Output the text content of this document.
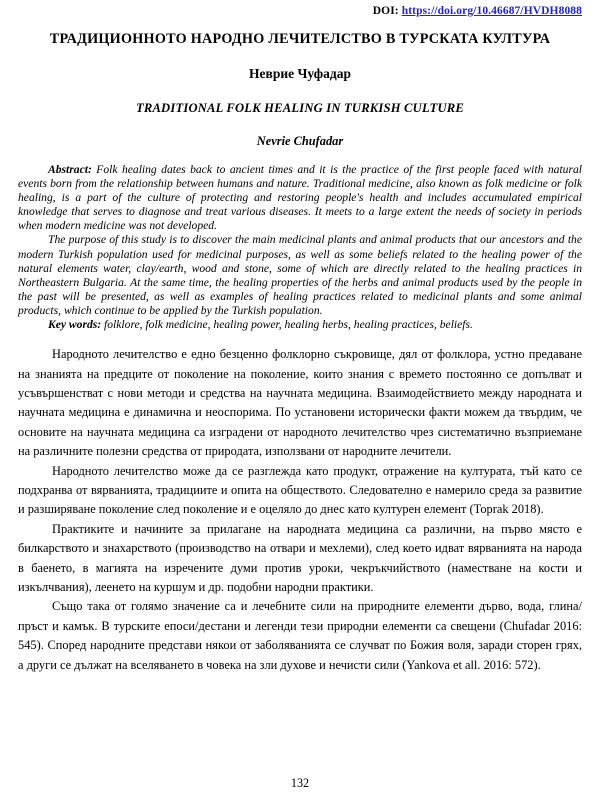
DOI: https://doi.org/10.46687/HVDH8088
ТРАДИЦИОННОТО НАРОДНО ЛЕЧИТЕЛСТВО В ТУРСКАТА КУЛТУРА
Неврие Чуфадар
TRADITIONAL FOLK HEALING IN TURKISH CULTURE
Nevrie Chufadar

Abstract: Folk healing dates back to ancient times and it is the practice of the first people faced with natural events born from the relationship between humans and nature. Traditional medicine, also known as folk medicine or folk healing, is a part of the culture of protecting and restoring people's health and includes accumulated empirical knowledge that serves to diagnose and treat various diseases. It meets to a large extent the needs of society in periods when modern medicine was not developed.

The purpose of this study is to discover the main medicinal plants and animal products that our ancestors and the modern Turkish population used for medicinal purposes, as well as some beliefs related to the healing power of the natural elements water, clay/earth, wood and stone, some of which are directly related to the healing practices in Northeastern Bulgaria. At the same time, the healing properties of the herbs and animal products used by the people in the past will be presented, as well as examples of healing practices related to medicinal plants and some animal products, which continue to be applied by the Turkish population.

Key words: folklore, folk medicine, healing power, healing herbs, healing practices, beliefs.

Народното лечителство е едно безценно фолклорно съкровище, дял от фолклора, устно предаване на знанията на предците от поколение на поколение, които знания с времето постоянно се допълват и усъвършенстват с нови методи и средства на научната медицина. Взаимодействието между народната и научната медицина е динамична и неоспорима. По установени исторически факти можем да твърдим, че основите на научната медицина са изградени от народното лечителство чрез систематично възприемане на различните полезни средства от природата, използвани от народните лечители.

Народното лечителство може да се разглежда като продукт, отражение на културата, тъй като се подхранва от вярванията, традициите и опита на обществото. Следователно е намерило среда за развитие и разширяване поколение след поколение и е оцеляло до днес като културен елемент (Toprak 2018).

Практиките и начините за прилагане на народната медицина са различни, на първо място е билкарството и знахарството (производство на отвари и мехлеми), след което идват вярванията на народа в баенето, в магията на изречените думи против уроки, чекръкчийството (наместване на кости и изкълчвания), леенето на куршум и др. подобни народни практики.

Също така от голямо значение са и лечебните сили на природните елементи дърво, вода, глина/пръст и камък. В турските епоси/дестани и легенди тези природни елементи са свещени (Chufadar 2016: 545). Според народните представи някои от заболяванията се случват по Божия воля, заради сторен грях, а други се дължат на вселяването в човека на зли духове и нечисти сили (Yankova et all. 2016: 572).

132
